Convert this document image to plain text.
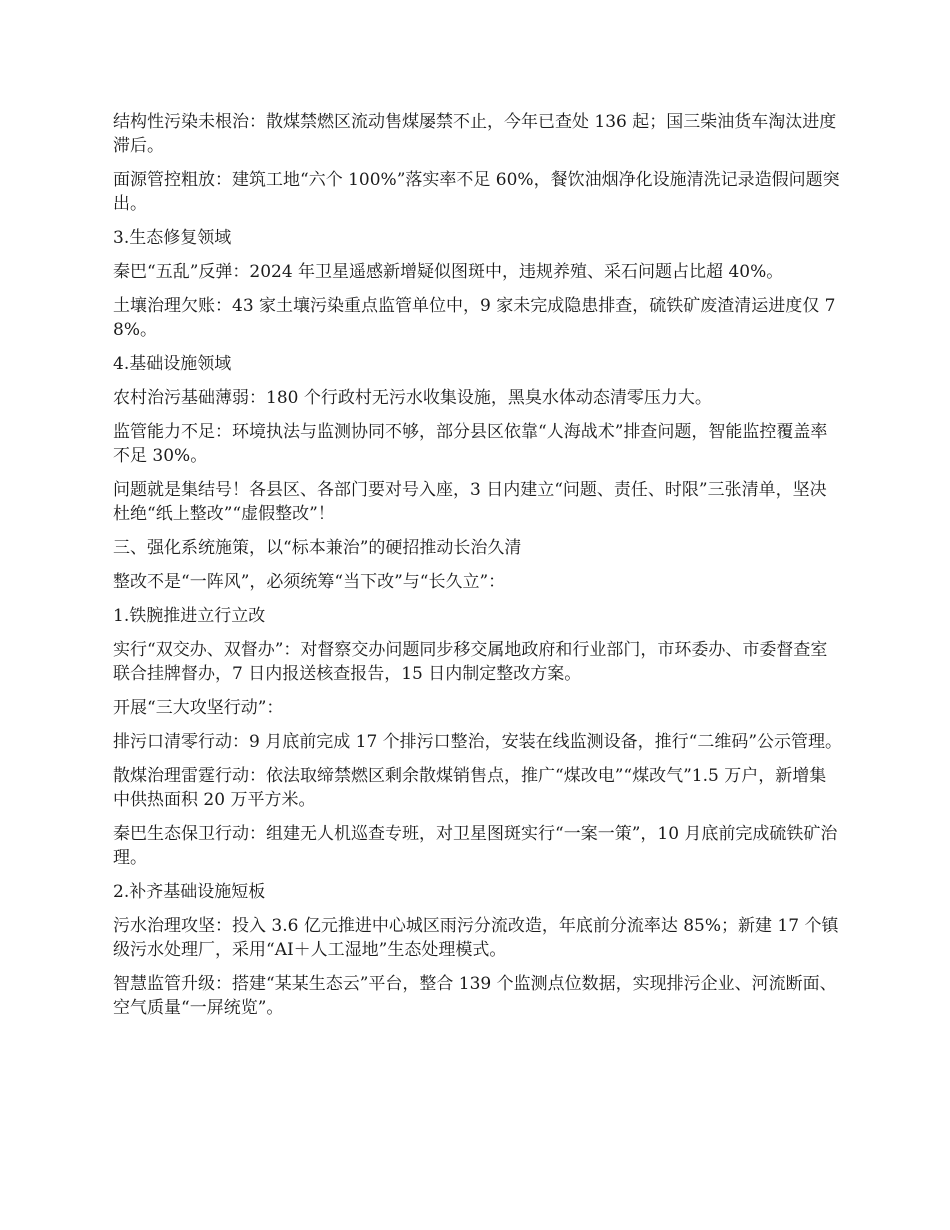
结构性污染未根治：散煤禁燃区流动售煤屡禁不止，今年已查处 136 起；国三柴油货车淘汰进度滞后。

面源管控粗放：建筑工地“六个 100%”落实率不足 60%，餐饮油烟净化设施清洗记录造假问题突出。

3.生态修复领域

秦巴“五乱”反弹：2024 年卫星遥感新增疑似图斑中，违规养殖、采石问题占比超 40%。

土壤治理欠账：43 家土壤污染重点监管单位中，9 家未完成隐患排查，硫铁矿废渣清运进度仅 78%。

4.基础设施领域

农村治污基础薄弱：180 个行政村无污水收集设施，黑臭水体动态清零压力大。

监管能力不足：环境执法与监测协同不够，部分县区依靠“人海战术”排查问题，智能监控覆盖率不足 30%。

问题就是集结号！各县区、各部门要对号入座，3 日内建立“问题、责任、时限”三张清单，坚决杜绝“纸上整改”“虚假整改”！

三、强化系统施策，以“标本兼治”的硬招推动长治久清

整改不是“一阵风”，必须统筹“当下改”与“长久立”：

1.铁腕推进立行立改

实行“双交办、双督办”：对督察交办问题同步移交属地政府和行业部门，市环委办、市委督查室联合挂牌督办，7 日内报送核查报告，15 日内制定整改方案。

开展“三大攻坚行动”：

排污口清零行动：9 月底前完成 17 个排污口整治，安装在线监测设备，推行“二维码”公示管理。

散煤治理雷霆行动：依法取缔禁燃区剩余散煤销售点，推广“煤改电”“煤改气”1.5 万户，新增集中供热面积 20 万平方米。

秦巴生态保卫行动：组建无人机巡查专班，对卫星图斑实行“一案一策”，10 月底前完成硫铁矿治理。

2.补齐基础设施短板

污水治理攻坚：投入 3.6 亿元推进中心城区雨污分流改造，年底前分流率达 85%；新建 17 个镇级污水处理厂，采用“AI＋人工湿地”生态处理模式。

智慧监管升级：搭建“某某生态云”平台，整合 139 个监测点位数据，实现排污企业、河流断面、空气质量“一屏统览”。
